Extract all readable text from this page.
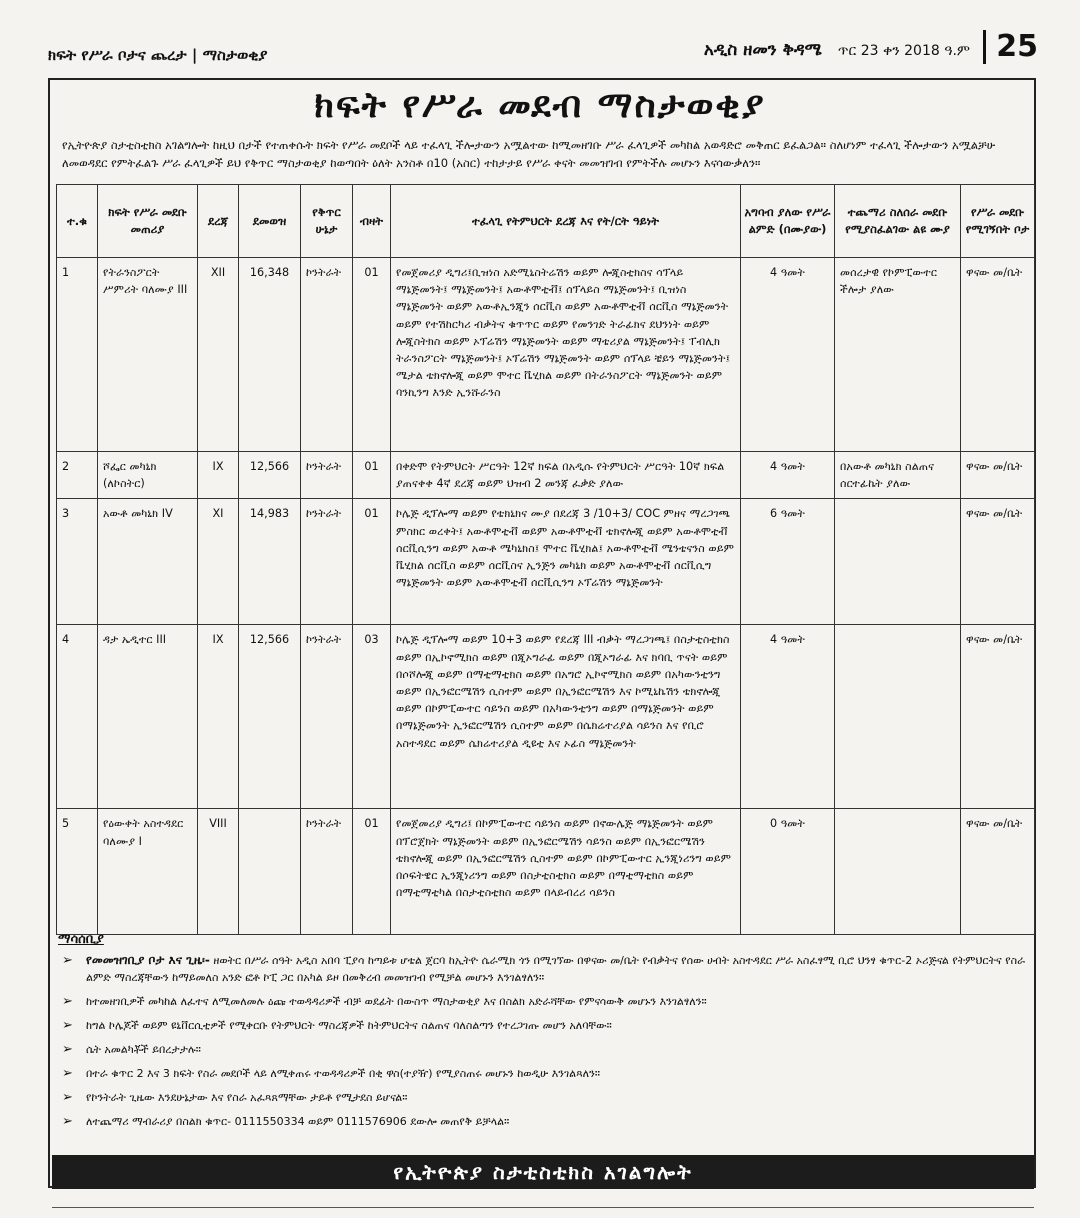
ክፍት የሥራ ቦታና ጨረታ | ማስታወቂያ	አዲስ ዘመን ቅዳሜ ጥር 23 ቀን 2018 ዓ.ም 25
ክፍት የሥራ መደብ ማስታወቂያ
የኢትዮጵያ ስታቲስቲክስ አገልግሎት ከዚህ በታች የተጠቀሱት ክፍት የሥራ መደቦች ላይ ተፈላጊ ችሎታውን አሟልተው ከሚመዘገቡ ሥራ ፈላጊዎች መካከል አወዳድሮ መቅጠር ይፈልጋል። ስለሆነም ተፈላጊ ችሎታውን አሟልቻሁ ለመወዳደር የምትፈልጉ ሥራ ፈላጊዎች ይህ የቅጥር ማስታወቂያ ከወጣበት ዕለት አንስቶ በ10 (አስር) ተከታታይ የሥራ ቀናት መመዝገብ የምትችሉ መሆኑን እናሳውቃለን።
ተ.ቁ	ክፍት የሥራ መደቡ መጠሪያ	ደረጃ	ደመወዝ	የቅጥር ሁኔታ	ብዛት	ተፈላጊ የትምህርት ደረጃ እና የት/ርት ዓይነት	አግባብ ያለው የሥራ ልምድ (በሙያው)	ተጨማሪ ስለሰራ መደቡ የሚያስፈልገው ልዩ ሙያ	የሥራ መደቡ የሚገኝበት ቦታ
1	የትራንስፖርት ሥምሪት ባለሙያ III	XII	16,348	ኮንትራት	01	የመጀመሪያ ዲግሪ፤ቢዝነስ አድሚኒስትሬሽን ወይም ሎጂስቲክስና ሳፕላይ ማኔጅመንት፤ ማኔጅመንት፤ አውቶሞቲቭ፤ ሰፕላይስ ማኔጅመንት፤ ቢዝነስ ማኔጅመንት ወይም አውቶኢንጂን ሰርቪስ ወይም አውቶሞቲቭ ሰርቪስ ማኔጅመንት ወይም የተሽከርካሪ ብቃትና ቁጥጥር ወይም የመንገድ ትራፊክና ደህንነት ወይም ሎጂስትክስ ወይም ኦፕሬሽን ማኔጅመንት ወይም ማቴሪያል ማኔጅመንት፤ ፐብሊክ ትራንስፖርት ማኔጅመንት፤ ኦፕሬሽን ማኔጅመንት ወይም ሰፕላይ ቼይን ማኔጅመንት፤ ሜታል ቴክኖሎጂ ወይም ሞተር ቬሂክል ወይም በትራንስፖርት ማኔጅመንት ወይም ባንኪንግ እንድ ኢንሹራንስ	4 ዓመት	መሰረታዊ የኮምፒውተር ችሎታ ያለው	ዋናው መ/ቤት
2	ሾፌር መካኒክ (ለኮስትር)	IX	12,566	ኮንትራት	01	በቀድሞ የትምህርት ሥርዓት 12ኛ ክፍል በአዲሱ የትምህርት ሥርዓት 10ኛ ክፍል ያጠናቀቀ 4ኛ ደረጃ ወይም ህዝብ 2 መንጃ ፈቃድ ያለው	4 ዓመት	በአውቶ መካኒክ ስልጠና ሰርተፊኬት ያለው	ዋናው መ/ቤት
3	አውቶ መካኒክ IV	XI	14,983	ኮንትራት	01	ኮሌጅ ዲፕሎማ ወይም የቴክኒክና ሙያ በደረጃ 3 /10+3/ COC ምዘና ማረጋገጫ ምስክር ወረቀት፤ አውቶሞቲቭ ወይም አውቶሞቲቭ ቴክኖሎጂ ወይም አውቶሞቲቭ ሰርቪሲንግ ወይም አውቶ ሜካኒክስ፤ ሞተር ቬሂክል፤ አውቶሞቲቭ ሜንቴናንስ ወይም ቬሂክል ሰርቪስ ወይም ሰርቪስና ኢንጅን መካኒክ ወይም አውቶሞቲቭ ሰርቪሲግ ማኔጅመንት ወይም አውቶሞቲቭ ሰርቪሲንግ ኦፕሬሽን ማኔጅመንት	6 ዓመት		ዋናው መ/ቤት
4	ዳታ ኤዲተር III	IX	12,566	ኮንትራት	03	ኮሌጅ ዲፕሎማ ወይም 10+3 ወይም የደረጃ III ብቃት ማረጋገጫ፤ በስታቲስቲክስ ወይም በኢኮኖሚክስ ወይም በጂኦግራፊ ወይም በጂኦግራፊ እና ክባቢ ጥናት ወይም በሶሾሎጂ ወይም በማቲማቲክስ ወይም በአግሮ ኢኮኖሚክስ ወይም በአካውንቲንግ ወይም በኢንፎርሜሽን ሲስተም ወይም በኢንፎርሜሽን እና ኮሚኒኬሽን ቴክኖሎጂ ወይም በኮምፒውተር ሳይንስ ወይም በአካውንቲንግ ወይም በማኔጅመንት ወይም በማኔጅመንት ኢንፎርሜሽን ሲስተም ወይም በሴክሬተሪያል ሳይንስ እና የቢሮ አስተዳደር ወይም ሴክሬተሪያል ዲዩቲ እና ኦፊስ ማኔጅመንት	4 ዓመት		ዋናው መ/ቤት
5	የዕውቀት አስተዳደር ባለሙያ I	VIII		ኮንትራት	01	የመጀመሪያ ዲግሪ፤ በኮምፒውተር ሳይንስ ወይም በኖውሌጅ ማኔጅመንት ወይም በፕሮጀክት ማኔጅመንት ወይም በኢንፎርሜሽን ሳይንስ ወይም በኢንፎርሜሽን ቴክኖሎጂ ወይም በኢንፎርሜሽን ሲስተም ወይም በኮምፒውተር ኢንጂነሪንግ ወይም በሶፍትዌር ኢንጂነሪንግ ወይም በስታቲስቲክስ ወይም በማቲማቲክስ ወይም በማቲማቲካል በስታቲስቲክስ ወይም በላይብረሪ ሳይንስ	0 ዓመት		ዋናው መ/ቤት
ማሳሰቢያ
➢ የመመዝገቢያ ቦታ እና ጊዜ፡- ዘወትር በሥራ ሰዓት አዲስ አበባ ፒያሳ ከጣይቱ ሆቴል ጀርባ ከኢትዮ ሴራሚክ ጎን በሚገኘው በዋናው መ/ቤት የብቃትና የሰው ሀብት አስተዳደር ሥራ አስፈፃሚ ቢሮ ህንፃ ቁጥር-2 ኦሪጅናል የትምህርትና የስራ ልምድ ማስረጃቸውን ከማይመለስ አንድ ፎቶ ኮፒ ጋር በአካል ይዞ በመቅረብ መመዝገብ የሚቻል መሆኑን እንገልፃለን።
➢ ከተመዘገቢዎች መካከል ለፈተና ለሚመለመሉ ዕጩ ተወዳዳሪዎች ብቻ ወደፊት በውስጥ ማስታወቂያ እና በስልክ አድራሻቸው የምናሳውቅ መሆኑን እንገልፃለን።
➢ ከግል ኮሌጆች ወይም ዩኒቨርሲቲዎች የሚቀርቡ የትምህርት ማስረጃዎች ከትምህርትና ስልጠና ባለስልጣን የተረጋገጡ መሆን አለባቸው።
➢ ሴት አመልካቾች ይበረታታሉ።
➢ በተራ ቁጥር 2 እና 3 ክፍት የስራ መደቦች ላይ ለሚቀጠሩ ተወዳዳሪዎች በቂ ዋስ(ተያዥ) የሚያስጠሩ መሆኑን ከወዲሁ እንገልጻለን።
➢ የኮንትራት ጊዜው እንደሁኔታው እና የስራ አፈጻጸማቸው ታይቶ የሚታደስ ይሆናል።
➢ ለተጨማሪ ማብራሪያ በስልክ ቁጥር- 0111550334 ወይም 0111576906 ደውሎ መጠየቅ ይቻላል።
የኢትዮጵያ ስታቲስቲክስ አገልግሎት
